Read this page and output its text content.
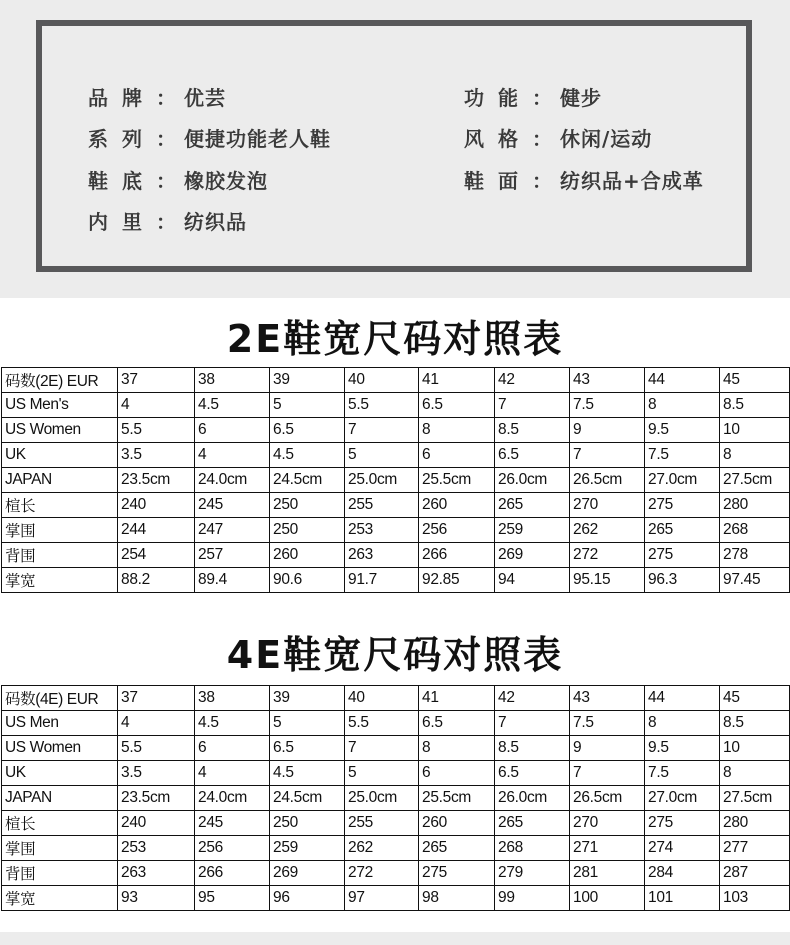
品牌：优芸	功能：健步
系列：便捷功能老人鞋	风格：休闲/运动
鞋底：橡胶发泡	鞋面：纺织品+合成革
内里：纺织品
2E鞋宽尺码对照表
码数(2E) EUR	37	38	39	40	41	42	43	44	45
US Men's	4	4.5	5	5.5	6.5	7	7.5	8	8.5
US Women	5.5	6	6.5	7	8	8.5	9	9.5	10
UK	3.5	4	4.5	5	6	6.5	7	7.5	8
JAPAN	23.5cm	24.0cm	24.5cm	25.0cm	25.5cm	26.0cm	26.5cm	27.0cm	27.5cm
楦长	240	245	250	255	260	265	270	275	280
掌围	244	247	250	253	256	259	262	265	268
背围	254	257	260	263	266	269	272	275	278
掌宽	88.2	89.4	90.6	91.7	92.85	94	95.15	96.3	97.45
4E鞋宽尺码对照表
码数(4E) EUR	37	38	39	40	41	42	43	44	45
US Men	4	4.5	5	5.5	6.5	7	7.5	8	8.5
US Women	5.5	6	6.5	7	8	8.5	9	9.5	10
UK	3.5	4	4.5	5	6	6.5	7	7.5	8
JAPAN	23.5cm	24.0cm	24.5cm	25.0cm	25.5cm	26.0cm	26.5cm	27.0cm	27.5cm
楦长	240	245	250	255	260	265	270	275	280
掌围	253	256	259	262	265	268	271	274	277
背围	263	266	269	272	275	279	281	284	287
掌宽	93	95	96	97	98	99	100	101	103
